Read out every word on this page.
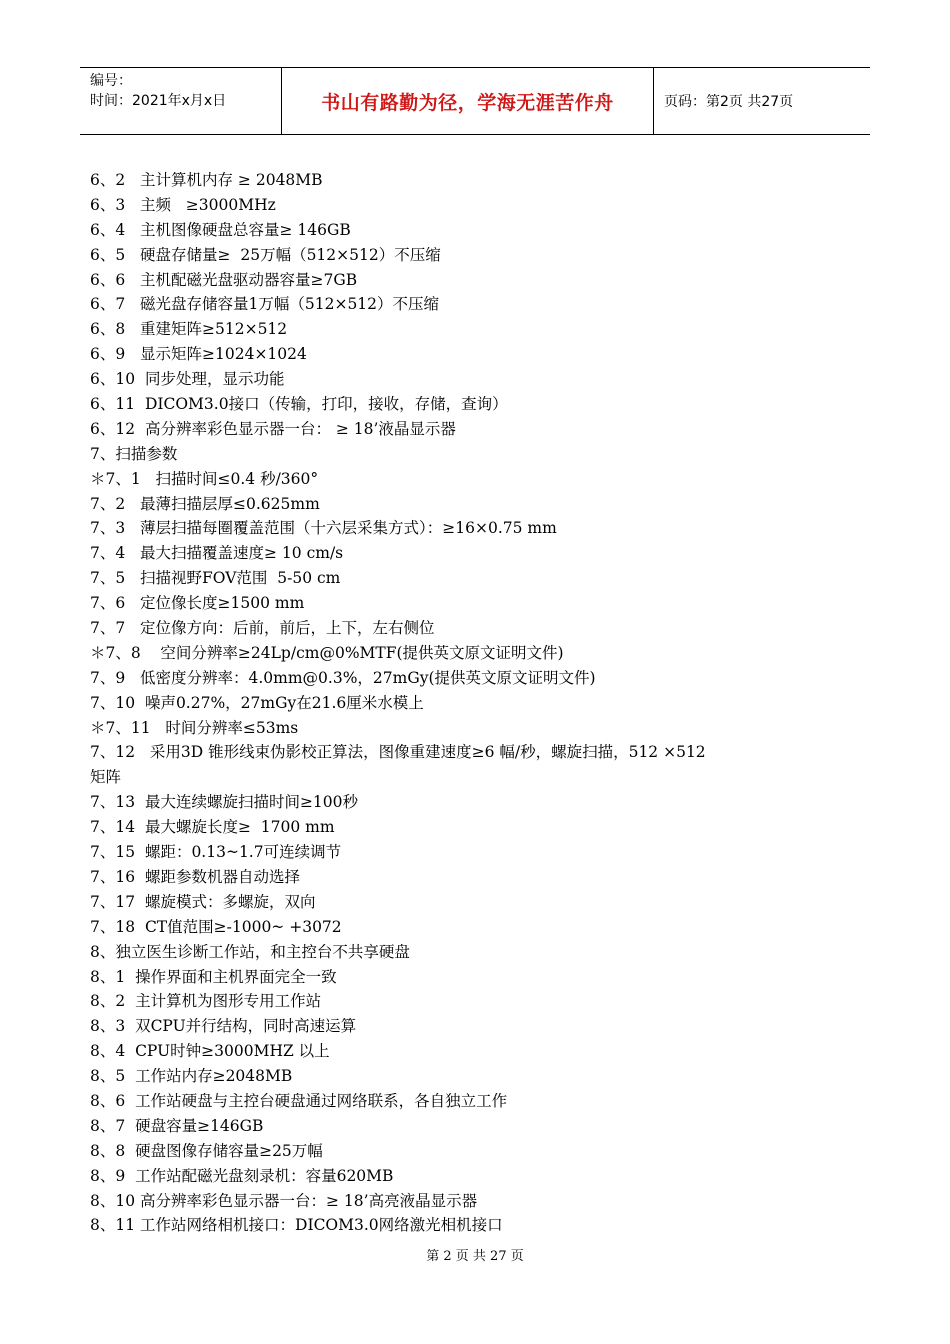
编号：
时间：2021年x月x日	书山有路勤为径，学海无涯苦作舟	页码：第2页 共27页
6、2   主计算机内存 ≥ 2048MB
6、3   主频   ≥3000MHz
6、4   主机图像硬盘总容量≥ 146GB
6、5   硬盘存储量≥  25万幅（512×512）不压缩
6、6   主机配磁光盘驱动器容量≥7GB
6、7   磁光盘存储容量1万幅（512×512）不压缩
6、8   重建矩阵≥512×512
6、9   显示矩阵≥1024×1024
6、10  同步处理，显示功能
6、11  DICOM3.0接口（传输，打印，接收，存储，查询）
6、12  高分辨率彩色显示器一台： ≥ 18’液晶显示器
7、扫描参数
＊7、1   扫描时间≤0.4 秒/360°
7、2   最薄扫描层厚≤0.625mm
7、3   薄层扫描每圈覆盖范围（十六层采集方式）：≥16×0.75 mm
7、4   最大扫描覆盖速度≥ 10 cm/s
7、5   扫描视野FOV范围  5-50 cm
7、6   定位像长度≥1500 mm
7、7   定位像方向：后前，前后，上下，左右侧位
＊7、8    空间分辨率≥24Lp/cm@0%MTF(提供英文原文证明文件)
7、9   低密度分辨率：4.0mm@0.3%，27mGy(提供英文原文证明文件)
7、10  噪声0.27%，27mGy在21.6厘米水模上
＊7、11   时间分辨率≤53ms
7、12   采用3D 锥形线束伪影校正算法，图像重建速度≥6 幅/秒，螺旋扫描，512 ×512
矩阵
7、13  最大连续螺旋扫描时间≥100秒
7、14  最大螺旋长度≥  1700 mm
7、15  螺距：0.13~1.7可连续调节
7、16  螺距参数机器自动选择
7、17  螺旋模式：多螺旋，双向
7、18  CT值范围≥-1000~ +3072
8、独立医生诊断工作站，和主控台不共享硬盘
8、1  操作界面和主机界面完全一致
8、2  主计算机为图形专用工作站
8、3  双CPU并行结构，同时高速运算
8、4  CPU时钟≥3000MHZ 以上
8、5  工作站内存≥2048MB
8、6  工作站硬盘与主控台硬盘通过网络联系，各自独立工作
8、7  硬盘容量≥146GB
8、8  硬盘图像存储容量≥25万幅
8、9  工作站配磁光盘刻录机：容量620MB
8、10 高分辨率彩色显示器一台：≥ 18’高亮液晶显示器
8、11 工作站网络相机接口：DICOM3.0网络激光相机接口
第 2 页 共 27 页
